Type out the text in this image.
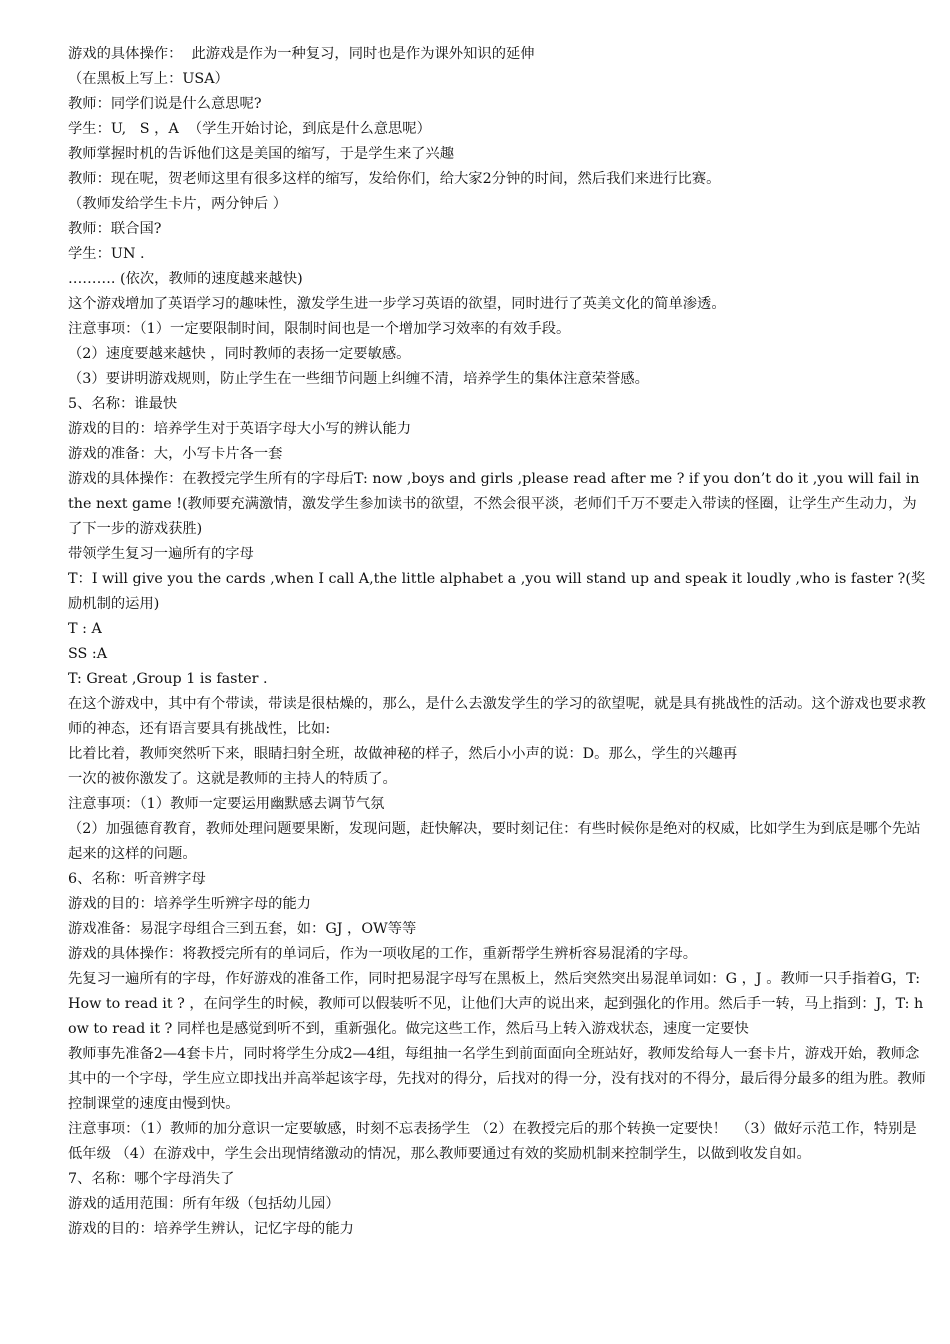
游戏的具体操作：  此游戏是作为一种复习，同时也是作为课外知识的延伸

（在黑板上写上：USA）

教师：同学们说是什么意思呢?

学生：U,   S ，A  （学生开始讨论，到底是什么意思呢）

教师掌握时机的告诉他们这是美国的缩写，于是学生来了兴趣

教师：现在呢，贺老师这里有很多这样的缩写，发给你们，给大家2分钟的时间，然后我们来进行比赛。

（教师发给学生卡片，两分钟后 ）

教师：联合国?

学生：UN .

………. (依次，教师的速度越来越快)

这个游戏增加了英语学习的趣味性，激发学生进一步学习英语的欲望，同时进行了英美文化的简单渗透。

注意事项：（1）一定要限制时间，限制时间也是一个增加学习效率的有效手段。

（2）速度要越来越快 ，同时教师的表扬一定要敏感。

（3）要讲明游戏规则，防止学生在一些细节问题上纠缠不清，培养学生的集体注意荣誉感。

5、名称：谁最快

游戏的目的：培养学生对于英语字母大小写的辨认能力

游戏的准备：大，小写卡片各一套

游戏的具体操作：在教授完学生所有的字母后T: now ,boys and girls ,please read after me ? if you don’t do it ,you will fail in the next game !(教师要充满激情，激发学生参加读书的欲望，不然会很平淡，老师们千万不要走入带读的怪圈，让学生产生动力，为了下一步的游戏获胜)

带领学生复习一遍所有的字母

T：I will give you the cards ,when I call A,the little alphabet a ,you will stand up and speak it loudly ,who is faster ?(奖励机制的运用)

T : A

SS :A

T: Great ,Group 1 is faster .

在这个游戏中，其中有个带读，带读是很枯燥的，那么，是什么去激发学生的学习的欲望呢，就是具有挑战性的活动。这个游戏也要求教师的神态，还有语言要具有挑战性，比如:

比着比着，教师突然听下来，眼睛扫射全班，故做神秘的样子，然后小小声的说：D。那么，学生的兴趣再

一次的被你激发了。这就是教师的主持人的特质了。

注意事项：（1）教师一定要运用幽默感去调节气氛

（2）加强德育教育，教师处理问题要果断，发现问题，赶快解决，要时刻记住：有些时候你是绝对的权威，比如学生为到底是哪个先站起来的这样的问题。

6、名称：听音辨字母

游戏的目的：培养学生听辨字母的能力

游戏准备：易混字母组合三到五套，如：GJ ，OW等等

游戏的具体操作：将教授完所有的单词后，作为一项收尾的工作，重新帮学生辨析容易混淆的字母。

先复习一遍所有的字母，作好游戏的准备工作，同时把易混字母写在黑板上，然后突然突出易混单词如：G ，J 。教师一只手指着G，T:How to read it ? ，在问学生的时候，教师可以假装听不见，让他们大声的说出来，起到强化的作用。然后手一转，马上指到：J，T: how to read it ? 同样也是感觉到听不到，重新强化。做完这些工作，然后马上转入游戏状态，速度一定要快

教师事先准备2—4套卡片，同时将学生分成2—4组，每组抽一名学生到前面面向全班站好，教师发给每人一套卡片，游戏开始，教师念其中的一个字母，学生应立即找出并高举起该字母，先找对的得分，后找对的得一分，没有找对的不得分，最后得分最多的组为胜。教师控制课堂的速度由慢到快。

注意事项：（1）教师的加分意识一定要敏感，时刻不忘表扬学生 （2）在教授完后的那个转换一定要快！  （3）做好示范工作，特别是低年级 （4）在游戏中，学生会出现情绪激动的情况，那么教师要通过有效的奖励机制来控制学生，以做到收发自如。

7、名称：哪个字母消失了

游戏的适用范围：所有年级（包括幼儿园）

游戏的目的：培养学生辨认，记忆字母的能力
